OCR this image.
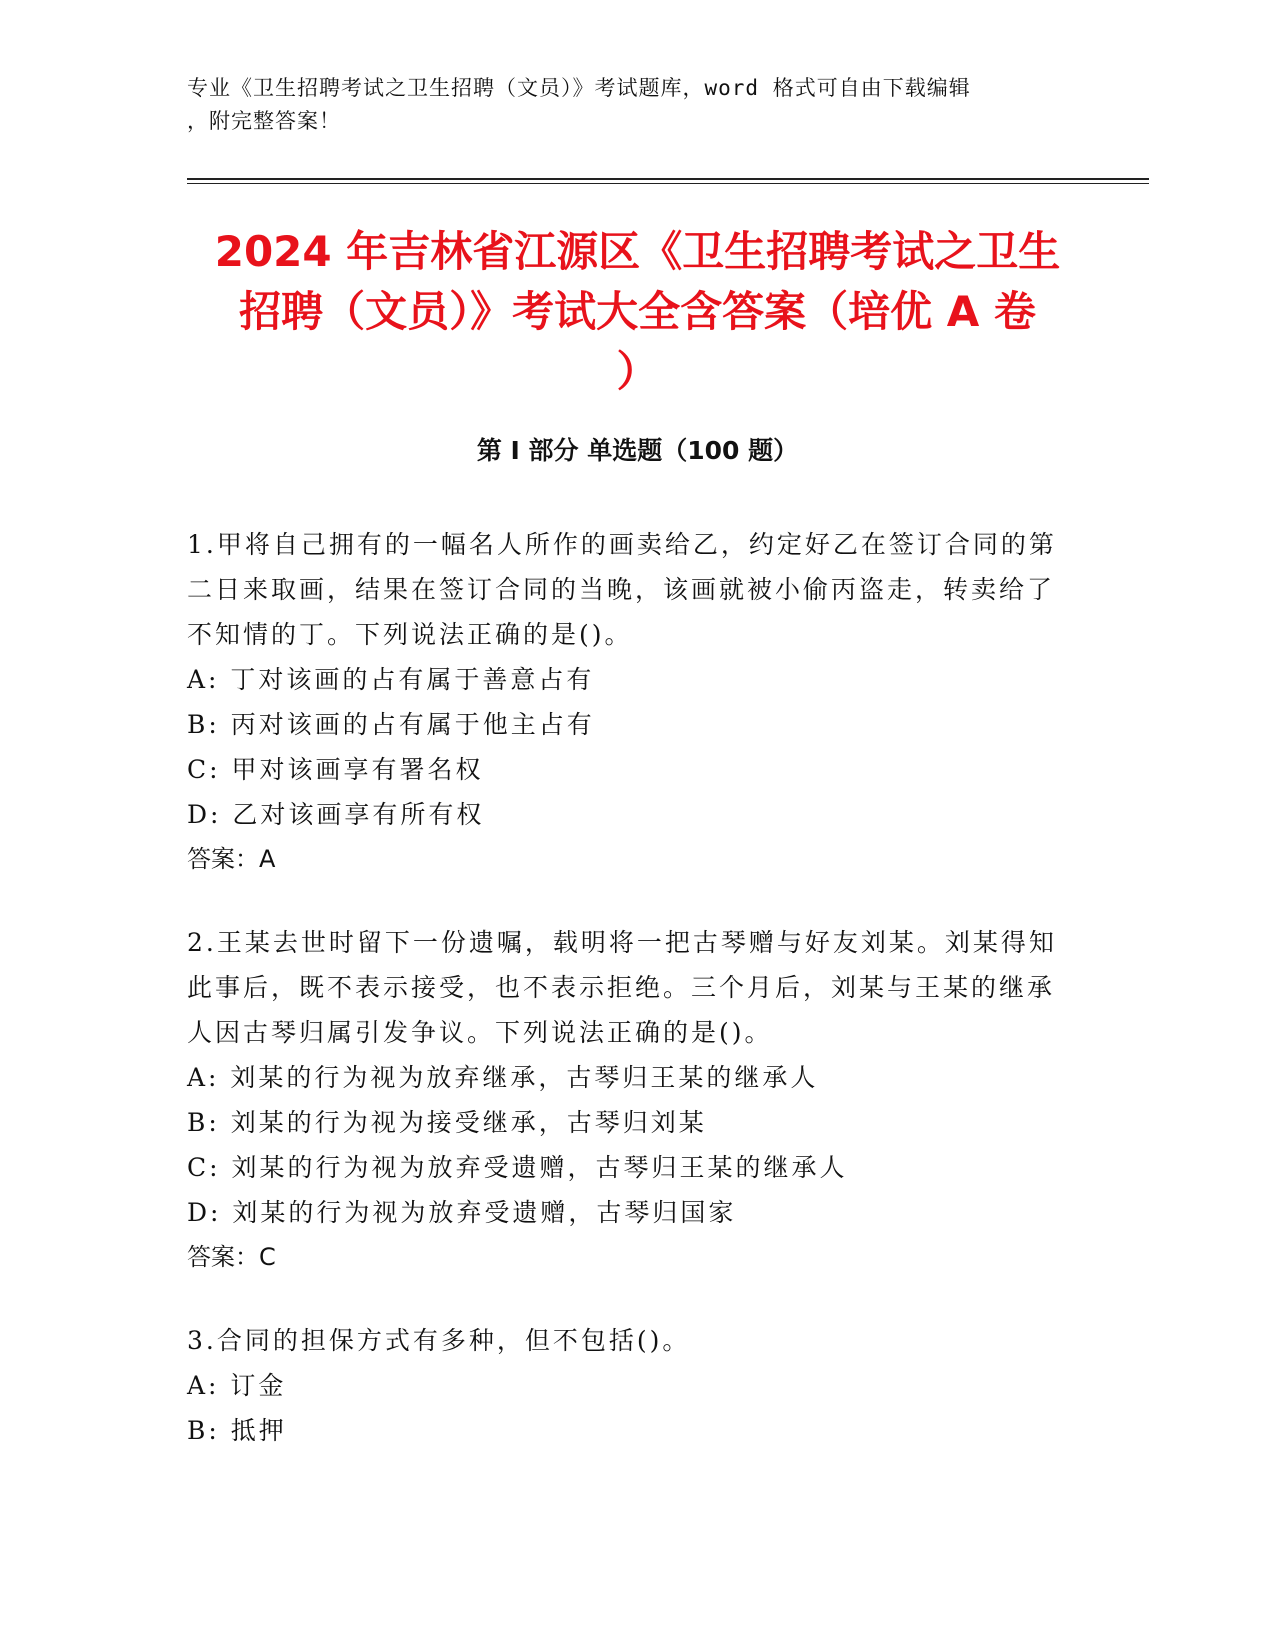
专业《卫生招聘考试之卫生招聘（文员）》考试题库，word 格式可自由下载编辑
，附完整答案！
2024 年吉林省江源区《卫生招聘考试之卫生
招聘（文员）》考试大全含答案（培优 A 卷
）
第 I 部分 单选题（100 题）
1.甲将自己拥有的一幅名人所作的画卖给乙，约定好乙在签订合同的第二日来取画，结果在签订合同的当晚，该画就被小偷丙盗走，转卖给了不知情的丁。下列说法正确的是()。
A: 丁对该画的占有属于善意占有
B: 丙对该画的占有属于他主占有
C: 甲对该画享有署名权
D: 乙对该画享有所有权
答案：A
2.王某去世时留下一份遗嘱，载明将一把古琴赠与好友刘某。刘某得知此事后，既不表示接受，也不表示拒绝。三个月后，刘某与王某的继承人因古琴归属引发争议。下列说法正确的是()。
A: 刘某的行为视为放弃继承，古琴归王某的继承人
B: 刘某的行为视为接受继承，古琴归刘某
C: 刘某的行为视为放弃受遗赠，古琴归王某的继承人
D: 刘某的行为视为放弃受遗赠，古琴归国家
答案：C
3.合同的担保方式有多种，但不包括()。
A: 订金
B: 抵押
